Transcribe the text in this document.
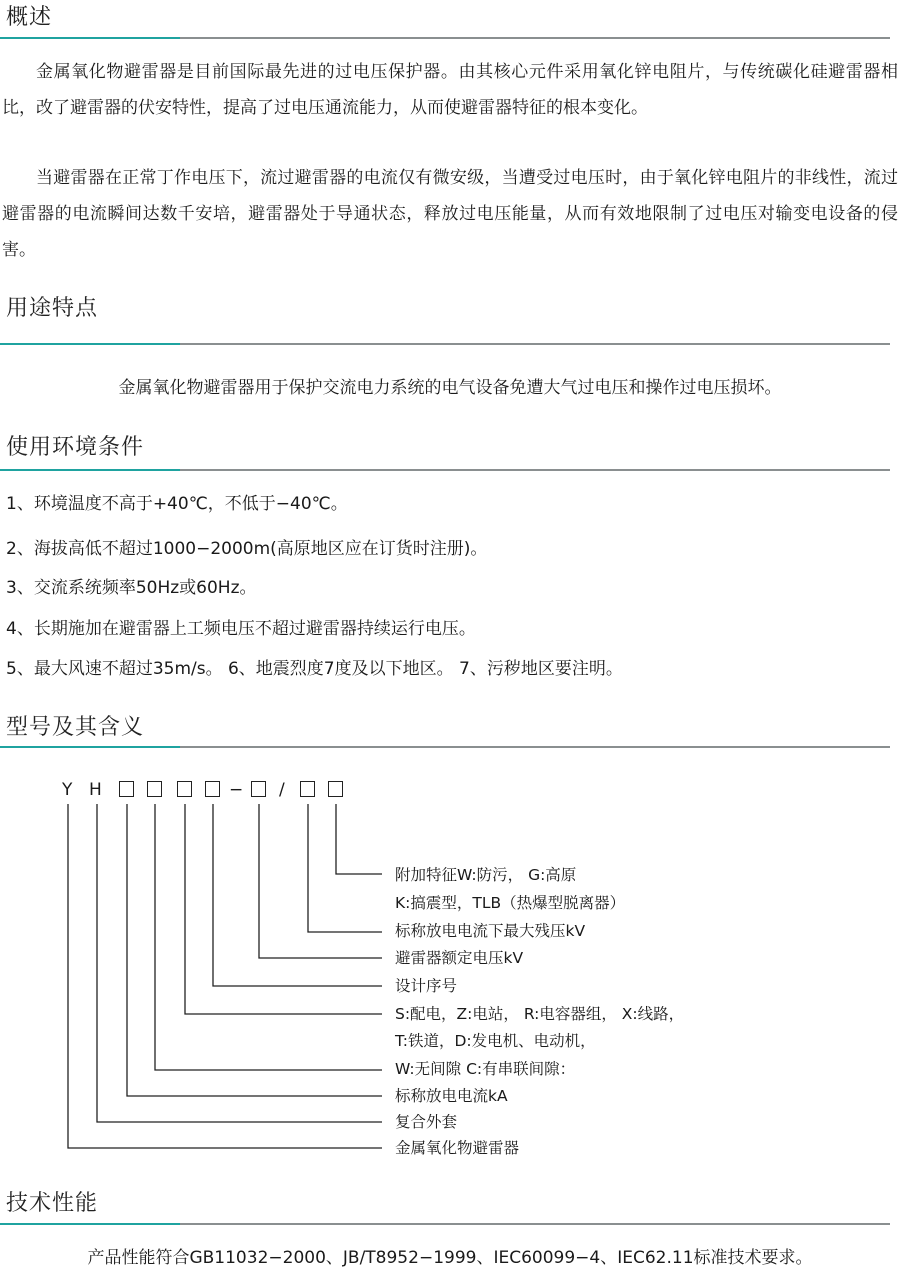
概述

金属氧化物避雷器是目前国际最先进的过电压保护器。由其核心元件采用氧化锌电阻片，与传统碳化硅避雷器相比，改了避雷器的伏安特性，提高了过电压通流能力，从而使避雷器特征的根本变化。

当避雷器在正常丁作电压下，流过避雷器的电流仅有微安级，当遭受过电压时，由于氧化锌电阻片的非线性，流过避雷器的电流瞬间达数千安培，避雷器处于导通状态，释放过电压能量，从而有效地限制了过电压对输变电设备的侵害。

用途特点
金属氧化物避雷器用于保护交流电力系统的电气设备免遭大气过电压和操作过电压损坏。
使用环境条件
1、环境温度不高于+40℃，不低于−40℃。
2、海拔高低不超过1000−2000m(高原地区应在订货时注册)。
3、交流系统频率50Hz或60Hz。
4、长期施加在避雷器上工频电压不超过避雷器持续运行电压。
5、最大风速不超过35m/s。 6、地震烈度7度及以下地区。 7、污秽地区要注明。
型号及其含义
Y H	− /
附加特征W:防污， G:高原
K:搞震型，TLB（热爆型脱离器）
标称放电电流下最大残压kV
避雷器额定电压kV
设计序号
S:配电，Z:电站， R:电容器组， X:线路，
T:铁道，D:发电机、电动机，
W:无间隙 C:有串联间隙：
标称放电电流kA
复合外套
金属氧化物避雷器
技术性能
产品性能符合GB11032−2000、JB/T8952−1999、IEC60099−4、IEC62.11标准技术要求。
